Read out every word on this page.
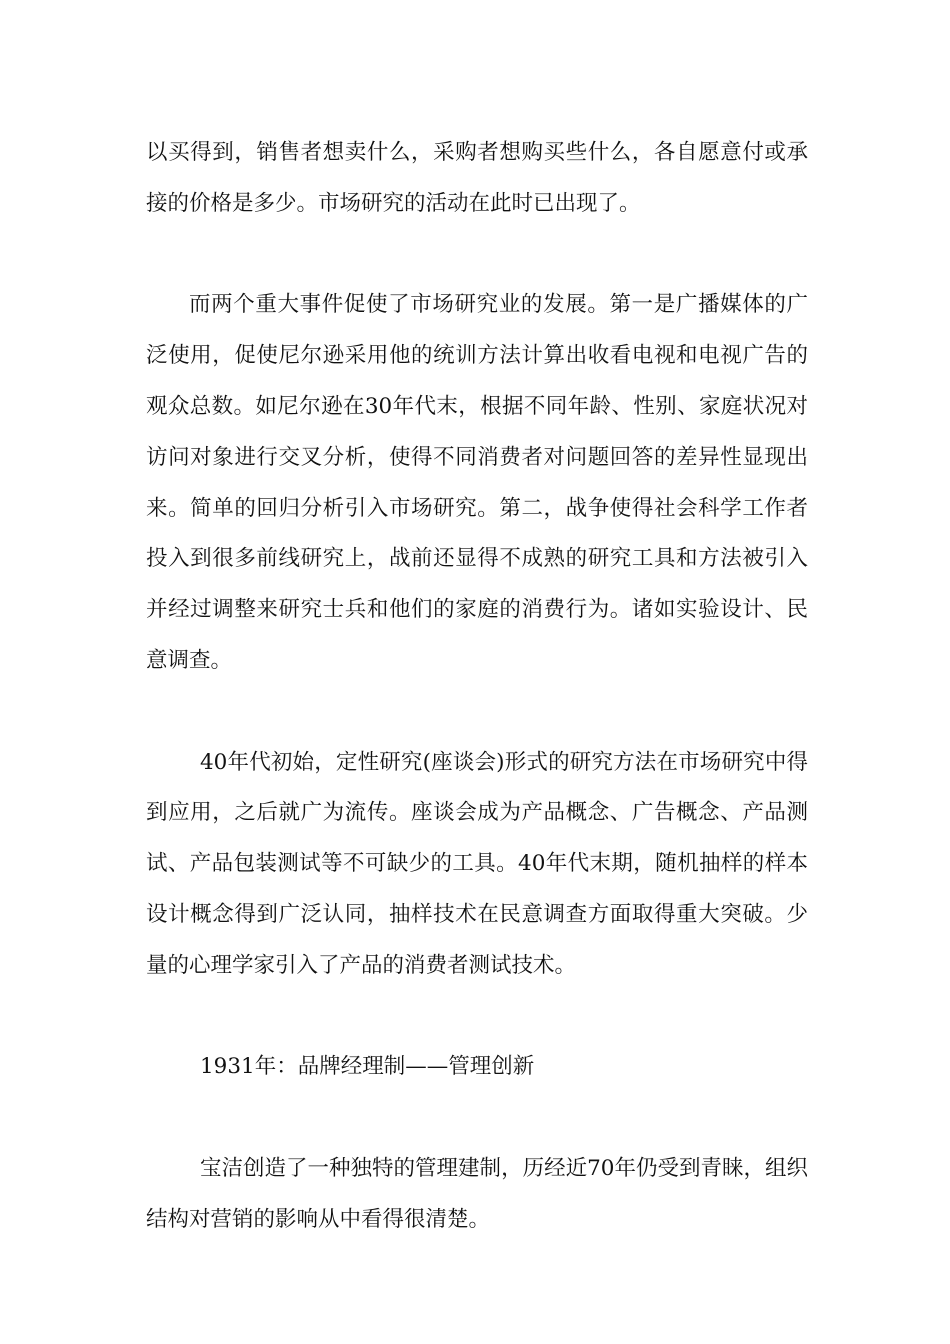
以买得到，销售者想卖什么，采购者想购买些什么，各自愿意付或承接的价格是多少。市场研究的活动在此时已出现了。

而两个重大事件促使了市场研究业的发展。第一是广播媒体的广泛使用，促使尼尔逊采用他的统训方法计算出收看电视和电视广告的观众总数。如尼尔逊在30年代末，根据不同年龄、性别、家庭状况对访问对象进行交叉分析，使得不同消费者对问题回答的差异性显现出来。简单的回归分析引入市场研究。第二，战争使得社会科学工作者投入到很多前线研究上，战前还显得不成熟的研究工具和方法被引入并经过调整来研究士兵和他们的家庭的消费行为。诸如实验设计、民意调查。

40年代初始，定性研究(座谈会)形式的研究方法在市场研究中得到应用，之后就广为流传。座谈会成为产品概念、广告概念、产品测试、产品包装测试等不可缺少的工具。40年代末期，随机抽样的样本设计概念得到广泛认同，抽样技术在民意调查方面取得重大突破。少量的心理学家引入了产品的消费者测试技术。

1931年：品牌经理制——管理创新

宝洁创造了一种独特的管理建制，历经近70年仍受到青睐，组织结构对营销的影响从中看得很清楚。
